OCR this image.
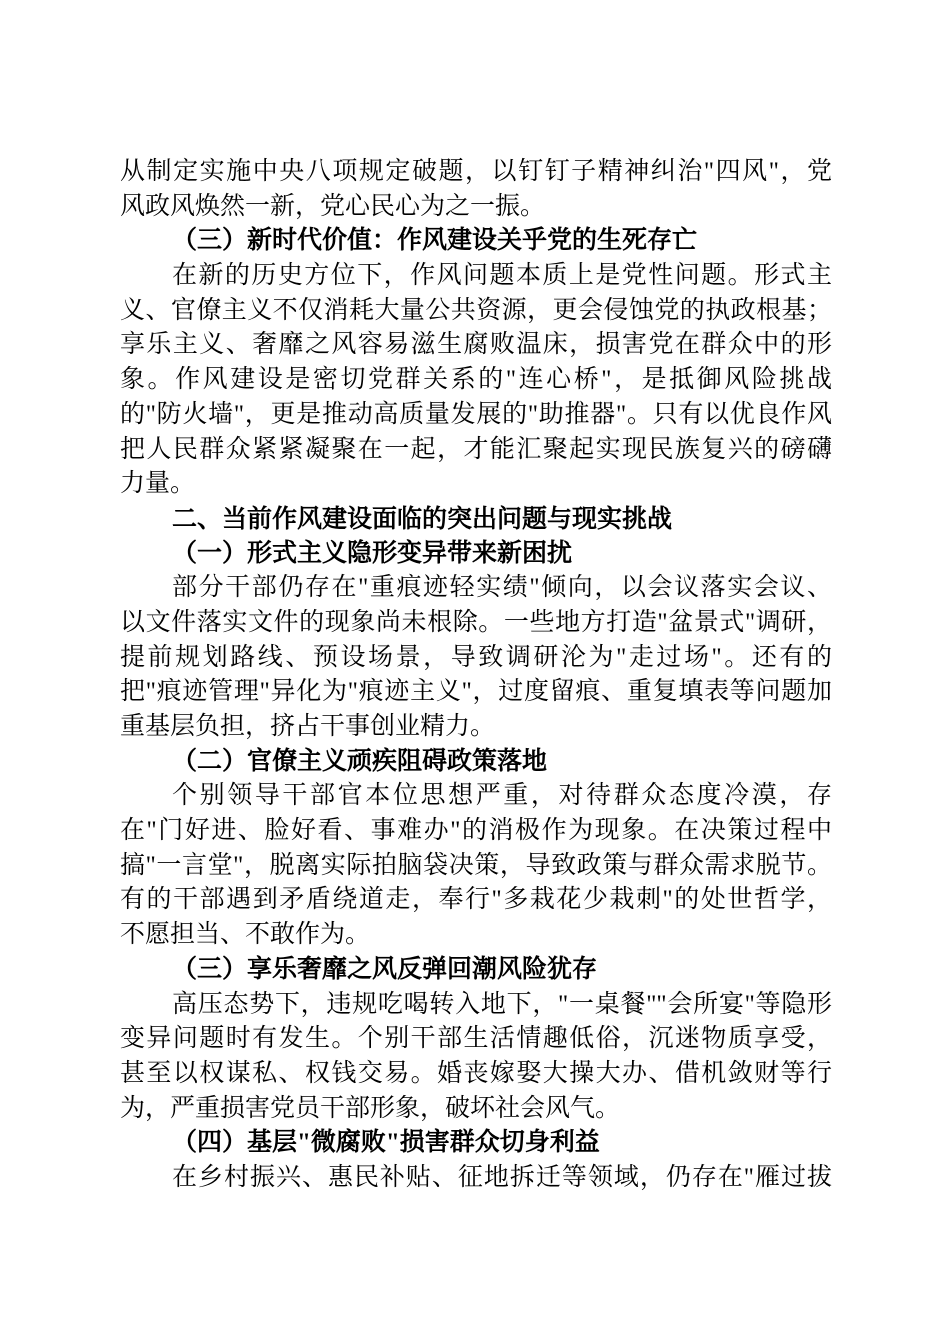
从制定实施中央八项规定破题，以钉钉子精神纠治"四风"，党
风政风焕然一新，党心民心为之一振。
（三）新时代价值：作风建设关乎党的生死存亡
在新的历史方位下，作风问题本质上是党性问题。形式主
义、官僚主义不仅消耗大量公共资源，更会侵蚀党的执政根基；
享乐主义、奢靡之风容易滋生腐败温床，损害党在群众中的形
象。作风建设是密切党群关系的"连心桥"，是抵御风险挑战
的"防火墙"，更是推动高质量发展的"助推器"。只有以优良作风
把人民群众紧紧凝聚在一起，才能汇聚起实现民族复兴的磅礴
力量。
二、当前作风建设面临的突出问题与现实挑战
（一）形式主义隐形变异带来新困扰
部分干部仍存在"重痕迹轻实绩"倾向，以会议落实会议、
以文件落实文件的现象尚未根除。一些地方打造"盆景式"调研，
提前规划路线、预设场景，导致调研沦为"走过场"。还有的
把"痕迹管理"异化为"痕迹主义"，过度留痕、重复填表等问题加
重基层负担，挤占干事创业精力。
（二）官僚主义顽疾阻碍政策落地
个别领导干部官本位思想严重，对待群众态度冷漠，存
在"门好进、脸好看、事难办"的消极作为现象。在决策过程中
搞"一言堂"，脱离实际拍脑袋决策，导致政策与群众需求脱节。
有的干部遇到矛盾绕道走，奉行"多栽花少栽刺"的处世哲学，
不愿担当、不敢作为。
（三）享乐奢靡之风反弹回潮风险犹存
高压态势下，违规吃喝转入地下，"一桌餐""会所宴"等隐形
变异问题时有发生。个别干部生活情趣低俗，沉迷物质享受，
甚至以权谋私、权钱交易。婚丧嫁娶大操大办、借机敛财等行
为，严重损害党员干部形象，破坏社会风气。
（四）基层"微腐败"损害群众切身利益
在乡村振兴、惠民补贴、征地拆迁等领域，仍存在"雁过拔
